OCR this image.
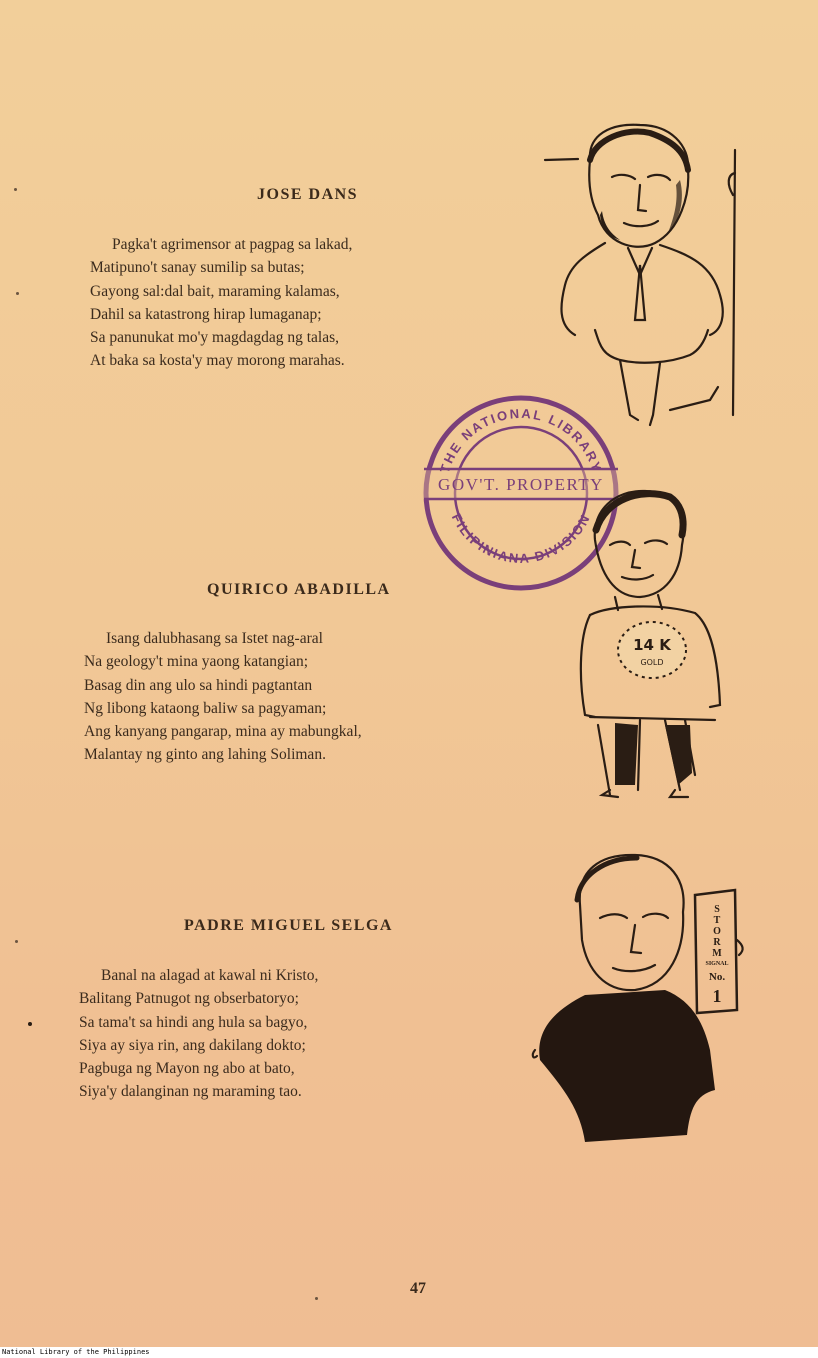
JOSE DANS
Pagka't agrimensor at pagpag sa lakad,
Matipuno't sanay sumilip sa butas;
Gayong sal:dal bait, maraming kalamas,
Dahil sa katastrong hirap lumaganap;
Sa panunukat mo'y magdagdag ng talas,
At baka sa kosta'y may morong marahas.
QUIRICO ABADILLA
Isang dalubhasang sa Istet nag-aral
Na geology't mina yaong katangian;
Basag din ang ulo sa hindi pagtantan
Ng libong kataong baliw sa pagyaman;
Ang kanyang pangarap, mina ay mabungkal,
Malantay ng ginto ang lahing Soliman.
PADRE MIGUEL SELGA
Banal na alagad at kawal ni Kristo,
Balitang Patnugot ng obserbatoryo;
Sa tama't sa hindi ang hula sa bagyo,
Siya ay siya rin, ang dakilang dokto;
Pagbuga ng Mayon ng abo at bato,
Siya'y dalanginan ng maraming tao.
THE NATIONAL LIBRARY
GOV'T. PROPERTY
FILIPINIANA DIVISION
14 K
GOLD
S
T
O
R
M
SIGNAL
No.
1
47
National Library of the Philippines
